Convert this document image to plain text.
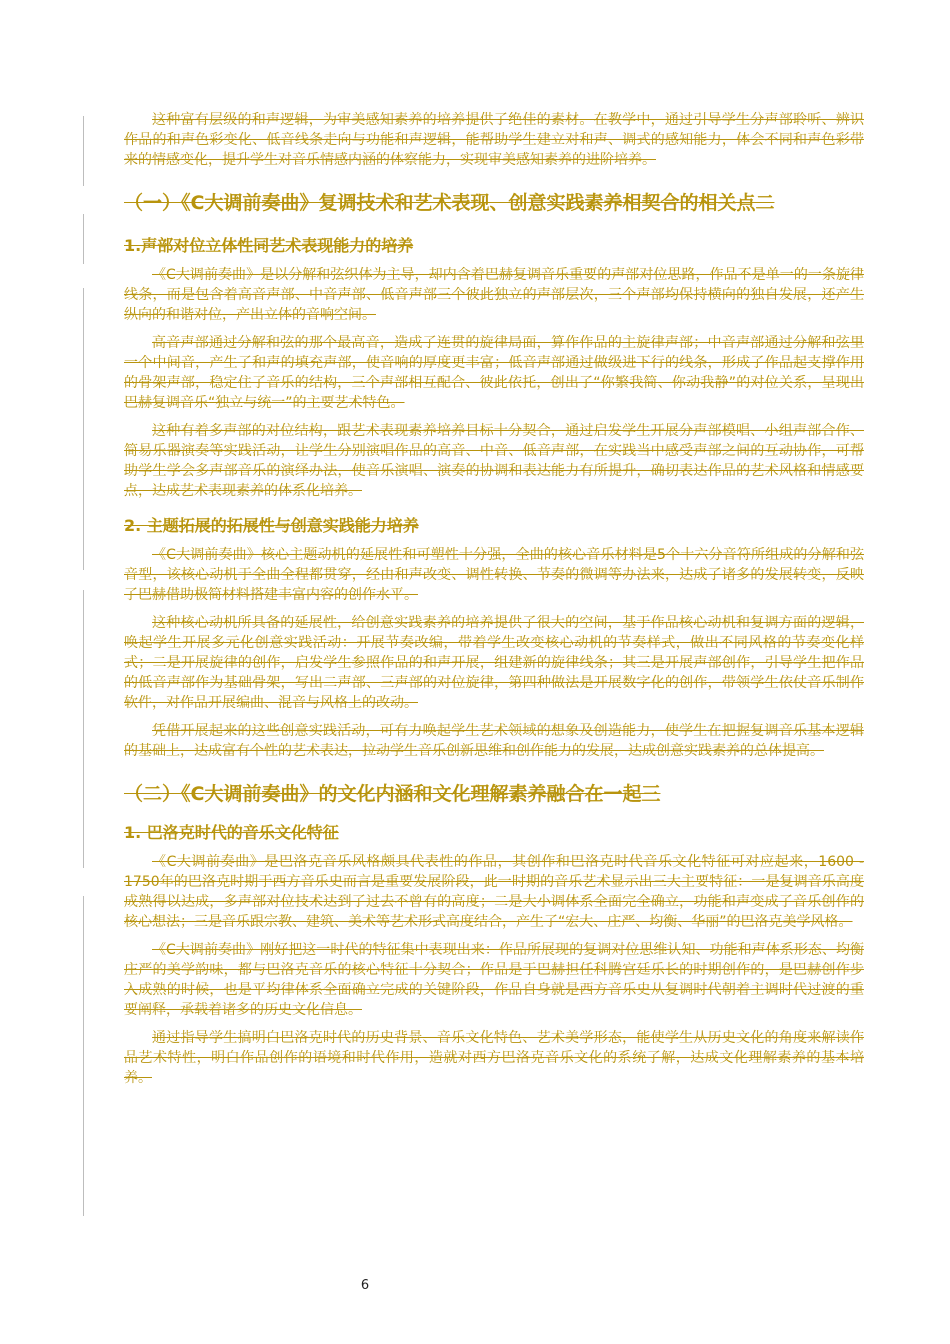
这种富有层级的和声逻辑，为审美感知素养的培养提供了绝佳的素材。在教学中，通过引导学生分声部聆听、辨识作品的和声色彩变化、低音线条走向与功能和声逻辑，能帮助学生建立对和声、调式的感知能力，体会不同和声色彩带来的情感变化，提升学生对音乐情感内涵的体察能力，实现审美感知素养的进阶培养。

（一）《C大调前奏曲》复调技术和艺术表现、创意实践素养相契合的相关点二
1.声部对位立体性同艺术表现能力的培养

《C大调前奏曲》是以分解和弦织体为主导，却内含着巴赫复调音乐重要的声部对位思路，作品不是单一的一条旋律线条，而是包含着高音声部、中音声部、低音声部三个彼此独立的声部层次，三个声部均保持横向的独自发展，还产生纵向的和谐对位，产出立体的音响空间。

高音声部通过分解和弦的那个最高音，造成了连贯的旋律局面，算作作品的主旋律声部；中音声部通过分解和弦里一个中间音，产生了和声的填充声部，使音响的厚度更丰富；低音声部通过做级进下行的线条，形成了作品起支撑作用的骨架声部，稳定住了音乐的结构，三个声部相互配合、彼此依托，创出了“你繁我简、你动我静”的对位关系，呈现出巴赫复调音乐“独立与统一”的主要艺术特色。

这种有着多声部的对位结构，跟艺术表现素养培养目标十分契合，通过启发学生开展分声部模唱、小组声部合作、简易乐器演奏等实践活动，让学生分别演唱作品的高音、中音、低音声部，在实践当中感受声部之间的互动协作，可帮助学生学会多声部音乐的演绎办法，使音乐演唱、演奏的协调和表达能力有所提升，确切表达作品的艺术风格和情感要点，达成艺术表现素养的体系化培养。

2. 主题拓展的拓展性与创意实践能力培养

《C大调前奏曲》核心主题动机的延展性和可塑性十分强，全曲的核心音乐材料是5个十六分音符所组成的分解和弦音型，该核心动机于全曲全程都贯穿，经由和声改变、调性转换、节奏的微调等办法来，达成了诸多的发展转变，反映了巴赫借助极简材料搭建丰富内容的创作水平。

这种核心动机所具备的延展性，给创意实践素养的培养提供了很大的空间，基于作品核心动机和复调方面的逻辑，唤起学生开展多元化创意实践活动：开展节奏改编，带着学生改变核心动机的节奏样式，做出不同风格的节奏变化样式；二是开展旋律的创作，启发学生参照作品的和声开展，组建新的旋律线条；其三是开展声部创作，引导学生把作品的低音声部作为基础骨架，写出二声部、三声部的对位旋律，第四种做法是开展数字化的创作，带领学生依仗音乐制作软件，对作品开展编曲、混音与风格上的改动。

凭借开展起来的这些创意实践活动，可有力唤起学生艺术领域的想象及创造能力，使学生在把握复调音乐基本逻辑的基础上，达成富有个性的艺术表达，拉动学生音乐创新思维和创作能力的发展，达成创意实践素养的总体提高。

（二）《C大调前奏曲》的文化内涵和文化理解素养融合在一起三
1. 巴洛克时代的音乐文化特征

《C大调前奏曲》是巴洛克音乐风格颇具代表性的作品，其创作和巴洛克时代音乐文化特征可对应起来，1600 - 1750年的巴洛克时期于西方音乐史而言是重要发展阶段，此一时期的音乐艺术显示出三大主要特征：一是复调音乐高度成熟得以达成，多声部对位技术达到了过去不曾有的高度；二是大小调体系全面完全确立，功能和声变成了音乐创作的核心想法；三是音乐跟宗教、建筑、美术等艺术形式高度结合，产生了“宏大、庄严、均衡、华丽”的巴洛克美学风格。

《C大调前奏曲》刚好把这一时代的特征集中表现出来：作品所展现的复调对位思维认知、功能和声体系形态、均衡庄严的美学韵味，都与巴洛克音乐的核心特征十分契合；作品是于巴赫担任科腾宫廷乐长的时期创作的，是巴赫创作步入成熟的时候，也是平均律体系全面确立完成的关键阶段，作品自身就是西方音乐史从复调时代朝着主调时代过渡的重要阐释，承载着诸多的历史文化信息。

通过指导学生搞明白巴洛克时代的历史背景、音乐文化特色、艺术美学形态，能使学生从历史文化的角度来解读作品艺术特性，明白作品创作的语境和时代作用，造就对西方巴洛克音乐文化的系统了解，达成文化理解素养的基本培养。

6
